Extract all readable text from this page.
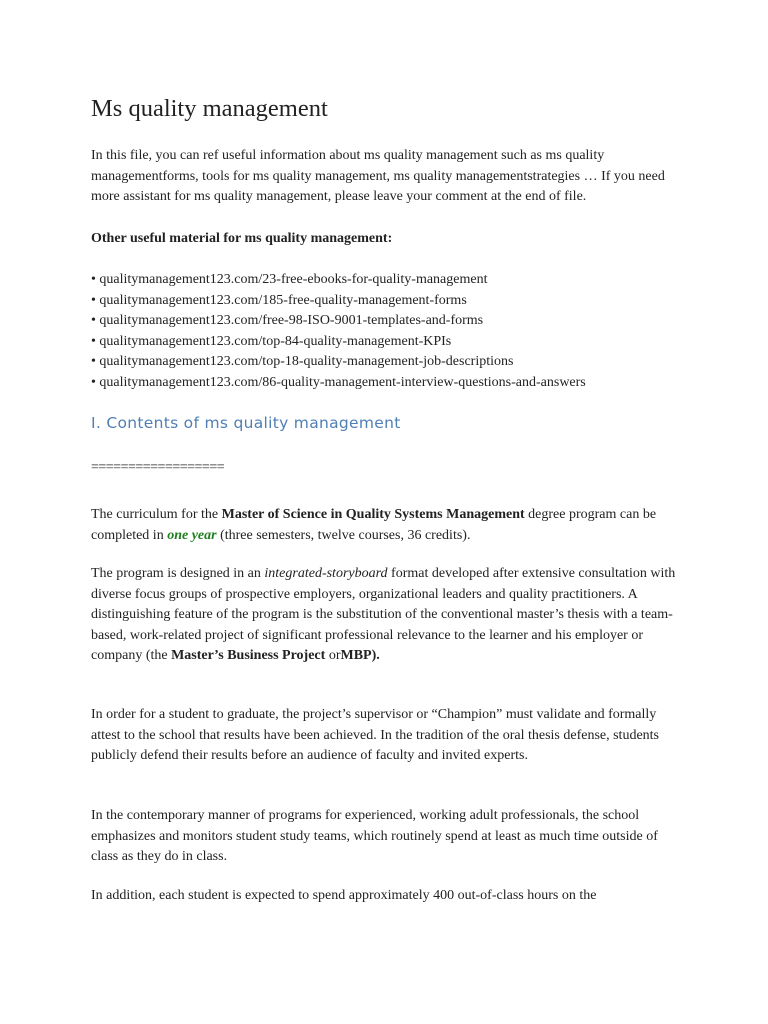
Ms quality management

In this file, you can ref useful information about ms quality management such as ms quality managementforms, tools for ms quality management, ms quality managementstrategies … If you need more assistant for ms quality management, please leave your comment at the end of file.

Other useful material for ms quality management:

• qualitymanagement123.com/23-free-ebooks-for-quality-management
• qualitymanagement123.com/185-free-quality-management-forms
• qualitymanagement123.com/free-98-ISO-9001-templates-and-forms
• qualitymanagement123.com/top-84-quality-management-KPIs
• qualitymanagement123.com/top-18-quality-management-job-descriptions
• qualitymanagement123.com/86-quality-management-interview-questions-and-answers
I. Contents of ms quality management

==================

The curriculum for the Master of Science in Quality Systems Management degree program can be completed in one year (three semesters, twelve courses, 36 credits).

The program is designed in an integrated-storyboard format developed after extensive consultation with diverse focus groups of prospective employers, organizational leaders and quality practitioners. A distinguishing feature of the program is the substitution of the conventional master’s thesis with a team-based, work-related project of significant professional relevance to the learner and his employer or company (the Master’s Business Project orMBP).

In order for a student to graduate, the project’s supervisor or “Champion” must validate and formally attest to the school that results have been achieved. In the tradition of the oral thesis defense, students publicly defend their results before an audience of faculty and invited experts.

In the contemporary manner of programs for experienced, working adult professionals, the school emphasizes and monitors student study teams, which routinely spend at least as much time outside of class as they do in class.

In addition, each student is expected to spend approximately 400 out-of-class hours on the
